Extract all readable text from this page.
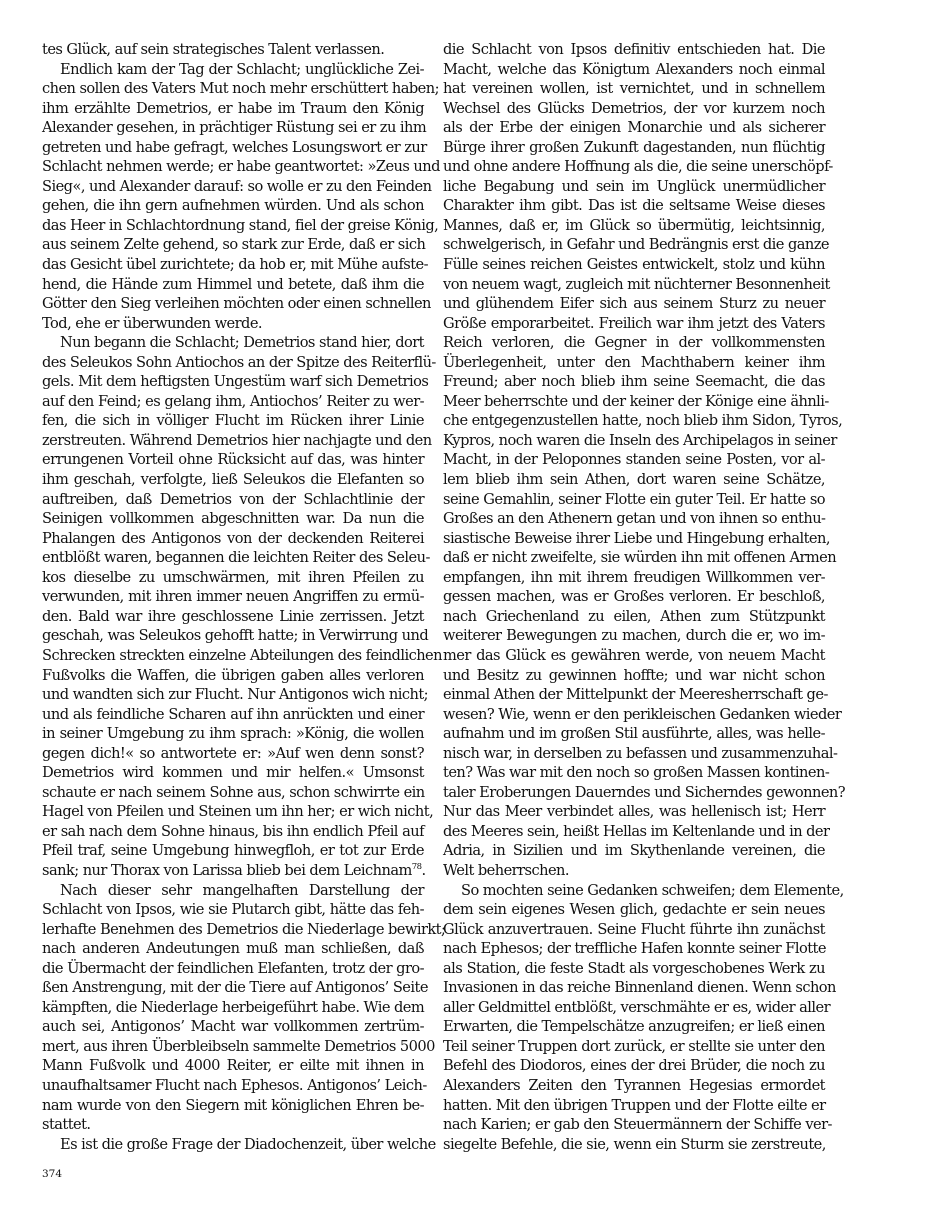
tes Glück, auf sein strategisches Talent verlassen.
Endlich kam der Tag der Schlacht; unglückliche Zei-
chen sollen des Vaters Mut noch mehr erschüttert haben;
ihm erzählte Demetrios, er habe im Traum den König
Alexander gesehen, in prächtiger Rüstung sei er zu ihm
getreten und habe gefragt, welches Losungswort er zur
Schlacht nehmen werde; er habe geantwortet: »Zeus und
Sieg«, und Alexander darauf: so wolle er zu den Feinden
gehen, die ihn gern aufnehmen würden. Und als schon
das Heer in Schlachtordnung stand, fiel der greise König,
aus seinem Zelte gehend, so stark zur Erde, daß er sich
das Gesicht übel zurichtete; da hob er, mit Mühe aufste-
hend, die Hände zum Himmel und betete, daß ihm die
Götter den Sieg verleihen möchten oder einen schnellen
Tod, ehe er überwunden werde.
Nun begann die Schlacht; Demetrios stand hier, dort
des Seleukos Sohn Antiochos an der Spitze des Reiterflü-
gels. Mit dem heftigsten Ungestüm warf sich Demetrios
auf den Feind; es gelang ihm, Antiochos’ Reiter zu wer-
fen, die sich in völliger Flucht im Rücken ihrer Linie
zerstreuten. Während Demetrios hier nachjagte und den
errungenen Vorteil ohne Rücksicht auf das, was hinter
ihm geschah, verfolgte, ließ Seleukos die Elefanten so
auftreiben, daß Demetrios von der Schlachtlinie der
Seinigen vollkommen abgeschnitten war. Da nun die
Phalangen des Antigonos von der deckenden Reiterei
entblößt waren, begannen die leichten Reiter des Seleu-
kos dieselbe zu umschwärmen, mit ihren Pfeilen zu
verwunden, mit ihren immer neuen Angriffen zu ermü-
den. Bald war ihre geschlossene Linie zerrissen. Jetzt
geschah, was Seleukos gehofft hatte; in Verwirrung und
Schrecken streckten einzelne Abteilungen des feindlichen
Fußvolks die Waffen, die übrigen gaben alles verloren
und wandten sich zur Flucht. Nur Antigonos wich nicht;
und als feindliche Scharen auf ihn anrückten und einer
in seiner Umgebung zu ihm sprach: »König, die wollen
gegen dich!« so antwortete er: »Auf wen denn sonst?
Demetrios wird kommen und mir helfen.« Umsonst
schaute er nach seinem Sohne aus, schon schwirrte ein
Hagel von Pfeilen und Steinen um ihn her; er wich nicht,
er sah nach dem Sohne hinaus, bis ihn endlich Pfeil auf
Pfeil traf, seine Umgebung hinwegfloh, er tot zur Erde
sank; nur Thorax von Larissa blieb bei dem Leichnam$^{78}$.
Nach dieser sehr mangelhaften Darstellung der
Schlacht von Ipsos, wie sie Plutarch gibt, hätte das feh-
lerhafte Benehmen des Demetrios die Niederlage bewirkt;
nach anderen Andeutungen muß man schließen, daß
die Übermacht der feindlichen Elefanten, trotz der gro-
ßen Anstrengung, mit der die Tiere auf Antigonos’ Seite
kämpften, die Niederlage herbeigeführt habe. Wie dem
auch sei, Antigonos’ Macht war vollkommen zertrüm-
mert, aus ihren Überbleibseln sammelte Demetrios 5000
Mann Fußvolk und 4000 Reiter, er eilte mit ihnen in
unaufhaltsamer Flucht nach Ephesos. Antigonos’ Leich-
nam wurde von den Siegern mit königlichen Ehren be-
stattet.
Es ist die große Frage der Diadochenzeit, über welche
die Schlacht von Ipsos definitiv entschieden hat. Die
Macht, welche das Königtum Alexanders noch einmal
hat vereinen wollen, ist vernichtet, und in schnellem
Wechsel des Glücks Demetrios, der vor kurzem noch
als der Erbe der einigen Monarchie und als sicherer
Bürge ihrer großen Zukunft dagestanden, nun flüchtig
und ohne andere Hoffnung als die, die seine unerschöpf-
liche Begabung und sein im Unglück unermüdlicher
Charakter ihm gibt. Das ist die seltsame Weise dieses
Mannes, daß er, im Glück so übermütig, leichtsinnig,
schwelgerisch, in Gefahr und Bedrängnis erst die ganze
Fülle seines reichen Geistes entwickelt, stolz und kühn
von neuem wagt, zugleich mit nüchterner Besonnenheit
und glühendem Eifer sich aus seinem Sturz zu neuer
Größe emporarbeitet. Freilich war ihm jetzt des Vaters
Reich verloren, die Gegner in der vollkommensten
Überlegenheit, unter den Machthabern keiner ihm
Freund; aber noch blieb ihm seine Seemacht, die das
Meer beherrschte und der keiner der Könige eine ähnli-
che entgegenzustellen hatte, noch blieb ihm Sidon, Tyros,
Kypros, noch waren die Inseln des Archipelagos in seiner
Macht, in der Peloponnes standen seine Posten, vor al-
lem blieb ihm sein Athen, dort waren seine Schätze,
seine Gemahlin, seiner Flotte ein guter Teil. Er hatte so
Großes an den Athenern getan und von ihnen so enthu-
siastische Beweise ihrer Liebe und Hingebung erhalten,
daß er nicht zweifelte, sie würden ihn mit offenen Armen
empfangen, ihn mit ihrem freudigen Willkommen ver-
gessen machen, was er Großes verloren. Er beschloß,
nach Griechenland zu eilen, Athen zum Stützpunkt
weiterer Bewegungen zu machen, durch die er, wo im-
mer das Glück es gewähren werde, von neuem Macht
und Besitz zu gewinnen hoffte; und war nicht schon
einmal Athen der Mittelpunkt der Meeresherrschaft ge-
wesen? Wie, wenn er den perikleischen Gedanken wieder
aufnahm und im großen Stil ausführte, alles, was helle-
nisch war, in derselben zu befassen und zusammenzuhal-
ten? Was war mit den noch so großen Massen kontinen-
taler Eroberungen Dauerndes und Sicherndes gewonnen?
Nur das Meer verbindet alles, was hellenisch ist; Herr
des Meeres sein, heißt Hellas im Keltenlande und in der
Adria, in Sizilien und im Skythenlande vereinen, die
Welt beherrschen.
So mochten seine Gedanken schweifen; dem Elemente,
dem sein eigenes Wesen glich, gedachte er sein neues
Glück anzuvertrauen. Seine Flucht führte ihn zunächst
nach Ephesos; der treffliche Hafen konnte seiner Flotte
als Station, die feste Stadt als vorgeschobenes Werk zu
Invasionen in das reiche Binnenland dienen. Wenn schon
aller Geldmittel entblößt, verschmähte er es, wider aller
Erwarten, die Tempelschätze anzugreifen; er ließ einen
Teil seiner Truppen dort zurück, er stellte sie unter den
Befehl des Diodoros, eines der drei Brüder, die noch zu
Alexanders Zeiten den Tyrannen Hegesias ermordet
hatten. Mit den übrigen Truppen und der Flotte eilte er
nach Karien; er gab den Steuermännern der Schiffe ver-
siegelte Befehle, die sie, wenn ein Sturm sie zerstreute,
374
